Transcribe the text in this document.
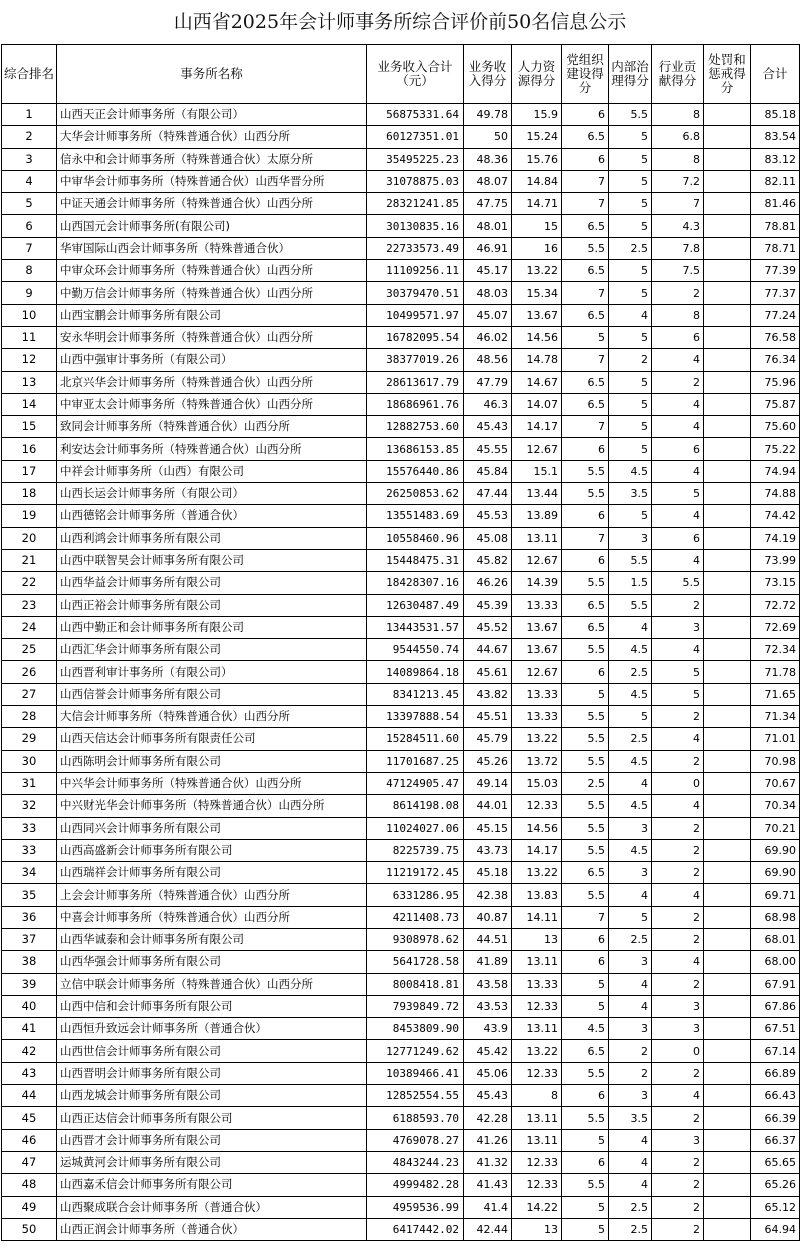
山西省2025年会计师事务所综合评价前50名信息公示
综合排名	事务所名称	业务收入合计（元）	业务收入得分	人力资源得分	党组织建设得分	内部治理得分	行业贡献得分	处罚和惩戒得分	合计
1	山西天正会计师事务所（有限公司）	56875331.64	49.78	15.9	6	5.5	8		85.18
2	大华会计师事务所（特殊普通合伙）山西分所	60127351.01	50	15.24	6.5	5	6.8		83.54
3	信永中和会计师事务所（特殊普通合伙）太原分所	35495225.23	48.36	15.76	6	5	8		83.12
4	中审华会计师事务所（特殊普通合伙）山西华晋分所	31078875.03	48.07	14.84	7	5	7.2		82.11
5	中证天通会计师事务所（特殊普通合伙）山西分所	28321241.85	47.75	14.71	7	5	7		81.46
6	山西国元会计师事务所(有限公司)	30130835.16	48.01	15	6.5	5	4.3		78.81
7	华审国际山西会计师事务所（特殊普通合伙）	22733573.49	46.91	16	5.5	2.5	7.8		78.71
8	中审众环会计师事务所（特殊普通合伙）山西分所	11109256.11	45.17	13.22	6.5	5	7.5		77.39
9	中勤万信会计师事务所（特殊普通合伙）山西分所	30379470.51	48.03	15.34	7	5	2		77.37
10	山西宝鹏会计师事务所有限公司	10499571.97	45.07	13.67	6.5	4	8		77.24
11	安永华明会计师事务所（特殊普通合伙）山西分所	16782095.54	46.02	14.56	5	5	6		76.58
12	山西中强审计事务所（有限公司）	38377019.26	48.56	14.78	7	2	4		76.34
13	北京兴华会计师事务所（特殊普通合伙）山西分所	28613617.79	47.79	14.67	6.5	5	2		75.96
14	中审亚太会计师事务所（特殊普通合伙）山西分所	18686961.76	46.3	14.07	6.5	5	4		75.87
15	致同会计师事务所（特殊普通合伙）山西分所	12882753.60	45.43	14.17	7	5	4		75.60
16	利安达会计师事务所（特殊普通合伙）山西分所	13686153.85	45.55	12.67	6	5	6		75.22
17	中祥会计师事务所（山西）有限公司	15576440.86	45.84	15.1	5.5	4.5	4		74.94
18	山西长运会计师事务所（有限公司）	26250853.62	47.44	13.44	5.5	3.5	5		74.88
19	山西德铭会计师事务所（普通合伙）	13551483.69	45.53	13.89	6	5	4		74.42
20	山西利鸿会计师事务所有限公司	10558460.96	45.08	13.11	7	3	6		74.19
21	山西中联智昊会计师事务所有限公司	15448475.31	45.82	12.67	6	5.5	4		73.99
22	山西华益会计师事务所有限公司	18428307.16	46.26	14.39	5.5	1.5	5.5		73.15
23	山西正裕会计师事务所有限公司	12630487.49	45.39	13.33	6.5	5.5	2		72.72
24	山西中勤正和会计师事务所有限公司	13443531.57	45.52	13.67	6.5	4	3		72.69
25	山西汇华会计师事务所有限公司	9544550.74	44.67	13.67	5.5	4.5	4		72.34
26	山西晋利审计事务所（有限公司）	14089864.18	45.61	12.67	6	2.5	5		71.78
27	山西信誉会计师事务所有限公司	8341213.45	43.82	13.33	5	4.5	5		71.65
28	大信会计师事务所（特殊普通合伙）山西分所	13397888.54	45.51	13.33	5.5	5	2		71.34
29	山西天信达会计师事务所有限责任公司	15284511.60	45.79	13.22	5.5	2.5	4		71.01
30	山西陈明会计师事务所有限公司	11701687.25	45.26	13.72	5.5	4.5	2		70.98
31	中兴华会计师事务所（特殊普通合伙）山西分所	47124905.47	49.14	15.03	2.5	4	0		70.67
32	中兴财光华会计师事务所（特殊普通合伙）山西分所	8614198.08	44.01	12.33	5.5	4.5	4		70.34
33	山西同兴会计师事务所有限公司	11024027.06	45.15	14.56	5.5	3	2		70.21
33	山西高盛新会计师事务所有限公司	8225739.75	43.73	14.17	5.5	4.5	2		69.90
34	山西瑞祥会计师事务所有限公司	11219172.45	45.18	13.22	6.5	3	2		69.90
35	上会会计师事务所（特殊普通合伙）山西分所	6331286.95	42.38	13.83	5.5	4	4		69.71
36	中喜会计师事务所（特殊普通合伙）山西分所	4211408.73	40.87	14.11	7	5	2		68.98
37	山西华诚泰和会计师事务所有限公司	9308978.62	44.51	13	6	2.5	2		68.01
38	山西华强会计师事务所有限公司	5641728.58	41.89	13.11	6	3	4		68.00
39	立信中联会计师事务所（特殊普通合伙）山西分所	8008418.81	43.58	13.33	5	4	2		67.91
40	山西中信和会计师事务所有限公司	7939849.72	43.53	12.33	5	4	3		67.86
41	山西恒升致远会计师事务所（普通合伙）	8453809.90	43.9	13.11	4.5	3	3		67.51
42	山西世信会计师事务所有限公司	12771249.62	45.42	13.22	6.5	2	0		67.14
43	山西晋明会计师事务所有限公司	10389466.41	45.06	12.33	5.5	2	2		66.89
44	山西龙城会计师事务所有限公司	12852554.55	45.43	8	6	3	4		66.43
45	山西正达信会计师事务所有限公司	6188593.70	42.28	13.11	5.5	3.5	2		66.39
46	山西晋才会计师事务所有限公司	4769078.27	41.26	13.11	5	4	3		66.37
47	运城黄河会计师事务所有限公司	4843244.23	41.32	12.33	6	4	2		65.65
48	山西嘉禾信会计师事务所有限公司	4999482.28	41.43	12.33	5.5	4	2		65.26
49	山西聚成联合会计师事务所（普通合伙）	4959536.99	41.4	14.22	5	2.5	2		65.12
50	山西正润会计师事务所（普通合伙）	6417442.02	42.44	13	5	2.5	2		64.94
